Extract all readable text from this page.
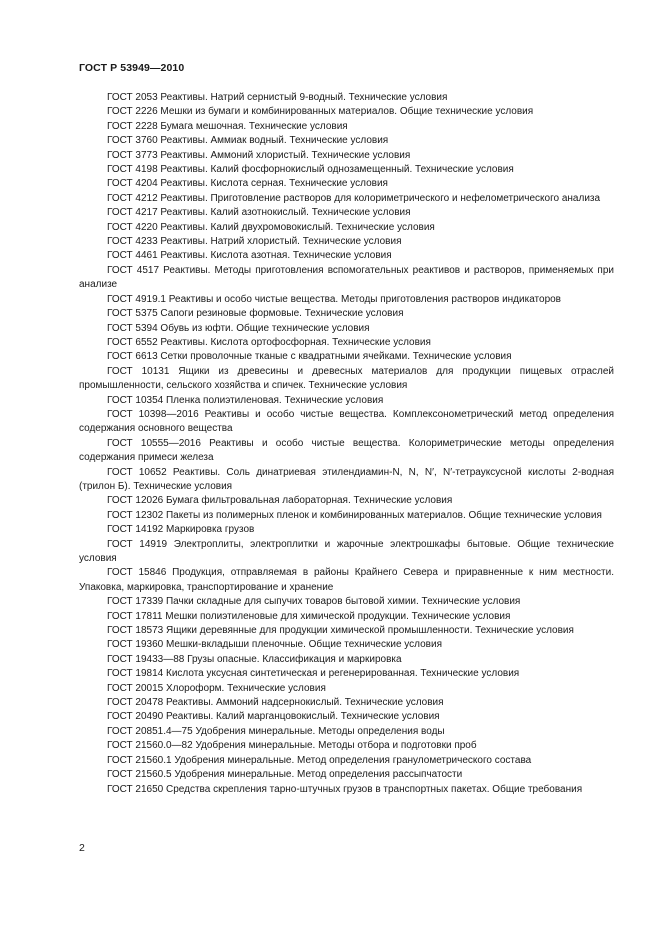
ГОСТ Р 53949—2010

ГОСТ 2053 Реактивы. Натрий сернистый 9-водный. Технические условия

ГОСТ 2226 Мешки из бумаги и комбинированных материалов. Общие технические условия

ГОСТ 2228 Бумага мешочная. Технические условия

ГОСТ 3760 Реактивы. Аммиак водный. Технические условия

ГОСТ 3773 Реактивы. Аммоний хлористый. Технические условия

ГОСТ 4198 Реактивы. Калий фосфорнокислый однозамещенный. Технические условия

ГОСТ 4204 Реактивы. Кислота серная. Технические условия

ГОСТ 4212 Реактивы. Приготовление растворов для колориметрического и нефелометрического анализа

ГОСТ 4217 Реактивы. Калий азотнокислый. Технические условия

ГОСТ 4220 Реактивы. Калий двухромовокислый. Технические условия

ГОСТ 4233 Реактивы. Натрий хлористый. Технические условия

ГОСТ 4461 Реактивы. Кислота азотная. Технические условия

ГОСТ 4517 Реактивы. Методы приготовления вспомогательных реактивов и растворов, применяемых при анализе

ГОСТ 4919.1 Реактивы и особо чистые вещества. Методы приготовления растворов индикаторов

ГОСТ 5375 Сапоги резиновые формовые. Технические условия

ГОСТ 5394 Обувь из юфти. Общие технические условия

ГОСТ 6552 Реактивы. Кислота ортофосфорная. Технические условия

ГОСТ 6613 Сетки проволочные тканые с квадратными ячейками. Технические условия

ГОСТ 10131 Ящики из древесины и древесных материалов для продукции пищевых отраслей промышленности, сельского хозяйства и спичек. Технические условия

ГОСТ 10354 Пленка полиэтиленовая. Технические условия

ГОСТ 10398—2016 Реактивы и особо чистые вещества. Комплексонометрический метод определения содержания основного вещества

ГОСТ 10555—2016 Реактивы и особо чистые вещества. Колориметрические методы определения содержания примеси железа

ГОСТ 10652 Реактивы. Соль динатриевая этилендиамин-N, N, N′, N′-тетрауксусной кислоты 2-водная (трилон Б). Технические условия

ГОСТ 12026 Бумага фильтровальная лабораторная. Технические условия

ГОСТ 12302 Пакеты из полимерных пленок и комбинированных материалов. Общие технические условия

ГОСТ 14192 Маркировка грузов

ГОСТ 14919 Электроплиты, электроплитки и жарочные электрошкафы бытовые. Общие технические условия

ГОСТ 15846 Продукция, отправляемая в районы Крайнего Севера и приравненные к ним местности. Упаковка, маркировка, транспортирование и хранение

ГОСТ 17339 Пачки складные для сыпучих товаров бытовой химии. Технические условия

ГОСТ 17811 Мешки полиэтиленовые для химической продукции. Технические условия

ГОСТ 18573 Ящики деревянные для продукции химической промышленности. Технические условия

ГОСТ 19360 Мешки-вкладыши пленочные. Общие технические условия

ГОСТ 19433—88 Грузы опасные. Классификация и маркировка

ГОСТ 19814 Кислота уксусная синтетическая и регенерированная. Технические условия

ГОСТ 20015 Хлороформ. Технические условия

ГОСТ 20478 Реактивы. Аммоний надсернокислый. Технические условия

ГОСТ 20490 Реактивы. Калий марганцовокислый. Технические условия

ГОСТ 20851.4—75 Удобрения минеральные. Методы определения воды

ГОСТ 21560.0—82 Удобрения минеральные. Методы отбора и подготовки проб

ГОСТ 21560.1 Удобрения минеральные. Метод определения гранулометрического состава

ГОСТ 21560.5 Удобрения минеральные. Метод определения рассыпчатости

ГОСТ 21650 Средства скрепления тарно-штучных грузов в транспортных пакетах. Общие требования

2
